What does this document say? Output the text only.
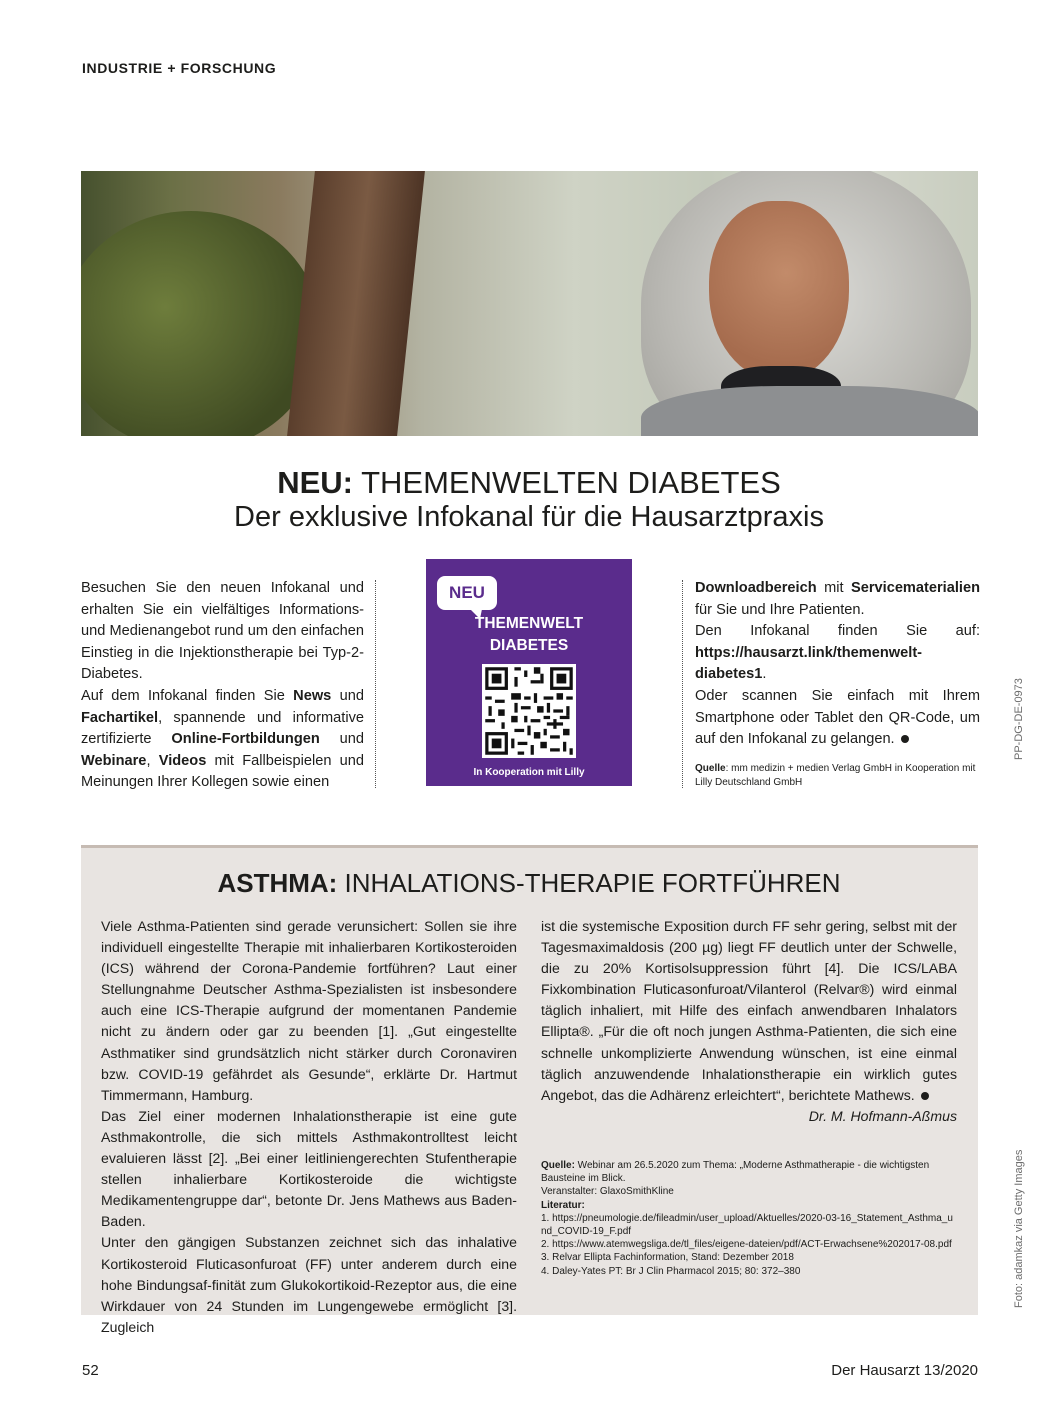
INDUSTRIE + FORSCHUNG
NEU: THEMENWELTEN DIABETES
Der exklusive Infokanal für die Hausarztpraxis
Besuchen Sie den neuen Infokanal und erhalten Sie ein vielfältiges Informations- und Medienangebot rund um den einfachen Einstieg in die Injektionstherapie bei Typ-2-Diabetes.
Auf dem Infokanal finden Sie News und Fachartikel, spannende und informative zertifizierte Online-Fortbildungen und Webinare, Videos mit Fallbeispielen und Meinungen Ihrer Kollegen sowie einen
NEU
THEMENWELT
DIABETES
In Kooperation mit Lilly
Downloadbereich mit Servicematerialien für Sie und Ihre Patienten.
Den Infokanal finden Sie auf: https://hausarzt.link/themenwelt-diabetes1.
Oder scannen Sie einfach mit Ihrem Smartphone oder Tablet den QR-Code, um auf den Infokanal zu gelangen.
Quelle: mm medizin + medien Verlag GmbH in Kooperation mit Lilly Deutschland GmbH
PP-DG-DE-0973
ASTHMA: INHALATIONS-THERAPIE FORTFÜHREN
Viele Asthma-Patienten sind gerade verunsichert: Sollen sie ihre individuell eingestellte Therapie mit inhalierbaren Kortikosteroiden (ICS) während der Corona-Pandemie fortführen? Laut einer Stellungnahme Deutscher Asthma-Spezialisten ist insbesondere auch eine ICS-Therapie aufgrund der momentanen Pandemie nicht zu ändern oder gar zu beenden [1]. „Gut eingestellte Asthmatiker sind grundsätzlich nicht stärker durch Coronaviren bzw. COVID-19 gefährdet als Gesunde“, erklärte Dr. Hartmut Timmermann, Hamburg.
Das Ziel einer modernen Inhalationstherapie ist eine gute Asthmakontrolle, die sich mittels Asthmakontrolltest leicht evaluieren lässt [2]. „Bei einer leitliniengerechten Stufentherapie stellen inhalierbare Kortikosteroide die wichtigste Medikamentengruppe dar“, betonte Dr. Jens Mathews aus Baden-Baden.
Unter den gängigen Substanzen zeichnet sich das inhalative Kortikosteroid Fluticasonfuroat (FF) unter anderem durch eine hohe Bindungsaf-finität zum Glukokortikoid-Rezeptor aus, die eine Wirkdauer von 24 Stunden im Lungengewebe ermöglicht [3]. Zugleich
ist die systemische Exposition durch FF sehr gering, selbst mit der Tagesmaximaldosis (200 µg) liegt FF deutlich unter der Schwelle, die zu 20% Kortisolsuppression führt [4]. Die ICS/LABA Fixkombination Fluticasonfuroat/Vilanterol (Relvar®) wird einmal täglich inhaliert, mit Hilfe des einfach anwendbaren Inhalators Ellipta®. „Für die oft noch jungen Asthma-Patienten, die sich eine schnelle unkomplizierte Anwendung wünschen, ist eine einmal täglich anzuwendende Inhalationstherapie ein wirklich gutes Angebot, das die Adhärenz erleichtert“, berichtete Mathews.
Dr. M. Hofmann-Aßmus
Quelle: Webinar am 26.5.2020 zum Thema: „Moderne Asthmatherapie - die wichtigsten Bausteine im Blick.
Veranstalter: GlaxoSmithKline
Literatur:
1. https://pneumologie.de/fileadmin/user_upload/Aktuelles/2020-03-16_Statement_Asthma_und_COVID-19_F.pdf
2. https://www.atemwegsliga.de/tl_files/eigene-dateien/pdf/ACT-Erwachsene%202017-08.pdf
3. Relvar Ellipta Fachinformation, Stand: Dezember 2018
4. Daley-Yates PT: Br J Clin Pharmacol 2015; 80: 372–380	Foto: adamkaz via Getty Images
52	Der Hausarzt 13/2020
